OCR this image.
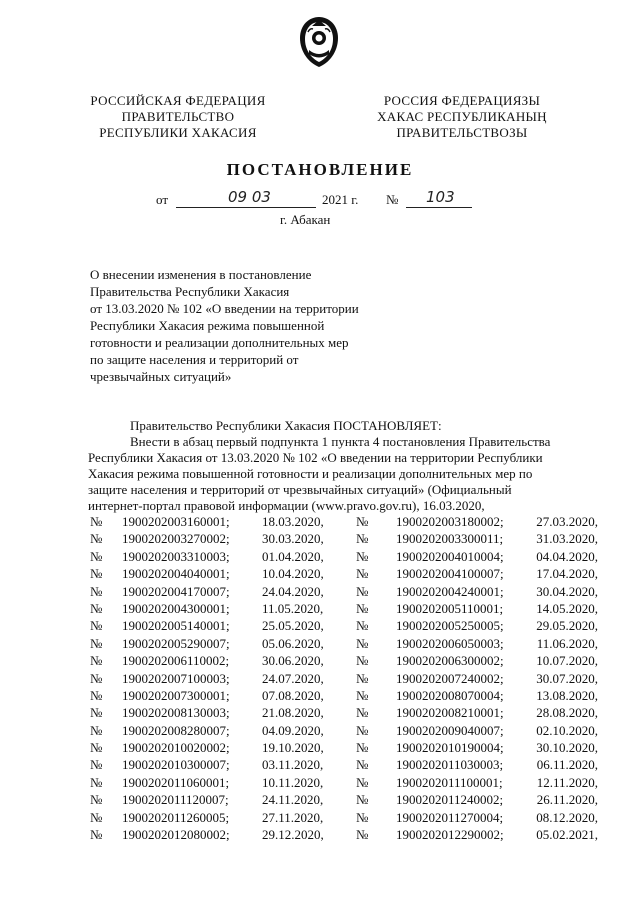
РОССИЙСКАЯ ФЕДЕРАЦИЯ
ПРАВИТЕЛЬСТВО
РЕСПУБЛИКИ ХАКАСИЯ
РОССИЯ ФЕДЕРАЦИЯЗЫ
ХАКАС РЕСПУБЛИКАНЫҢ
ПРАВИТЕЛЬСТВОЗЫ
ПОСТАНОВЛЕНИЕ
от	09 03	2021 г. № 103
г. Абакан
О внесении изменения в постановление
Правительства Республики Хакасия
от 13.03.2020 № 102 «О введении на территории
Республики Хакасия режима повышенной
готовности и реализации дополнительных мер
по защите населения и территорий от
чрезвычайных ситуаций»
Правительство Республики Хакасия ПОСТАНОВЛЯЕТ:
Внести в абзац первый подпункта 1 пункта 4 постановления Правительства
Республики Хакасия от 13.03.2020 № 102 «О введении на территории Республики
Хакасия режима повышенной готовности и реализации дополнительных мер по
защите населения и территорий от чрезвычайных ситуаций» (Официальный
интернет-портал правовой информации (www.pravo.gov.ru), 16.03.2020,
№ 1900202003160001; 18.03.2020, № 1900202003180002;	27.03.2020,
№ 1900202003270002; 30.03.2020, № 1900202003300011;	31.03.2020,
№ 1900202003310003; 01.04.2020, № 1900202004010004;	04.04.2020,
№ 1900202004040001; 10.04.2020, № 1900202004100007;	17.04.2020,
№ 1900202004170007; 24.04.2020, № 1900202004240001;	30.04.2020,
№ 1900202004300001; 11.05.2020,	№ 1900202005110001;	14.05.2020,
№ 1900202005140001; 25.05.2020, № 1900202005250005;	29.05.2020,
№ 1900202005290007; 05.06.2020, № 1900202006050003;	11.06.2020,
№ 1900202006110002;	30.06.2020, № 1900202006300002;	10.07.2020,
№ 1900202007100003; 24.07.2020, № 1900202007240002;	30.07.2020,
№ 1900202007300001; 07.08.2020, № 1900202008070004;	13.08.2020,
№ 1900202008130003; 21.08.2020, № 1900202008210001;	28.08.2020,
№ 1900202008280007; 04.09.2020, № 1900202009040007;	02.10.2020,
№ 1900202010020002; 19.10.2020, № 1900202010190004;	30.10.2020,
№ 1900202010300007; 03.11.2020,	№ 1900202011030003;	06.11.2020,
№ 1900202011060001;	10.11.2020,	№ 1900202011100001;	12.11.2020,
№ 1900202011120007;	24.11.2020,	№ 1900202011240002;	26.11.2020,
№ 1900202011260005;	27.11.2020,	№ 1900202011270004;	08.12.2020,
№ 1900202012080002; 29.12.2020, № 1900202012290002;	05.02.2021,
